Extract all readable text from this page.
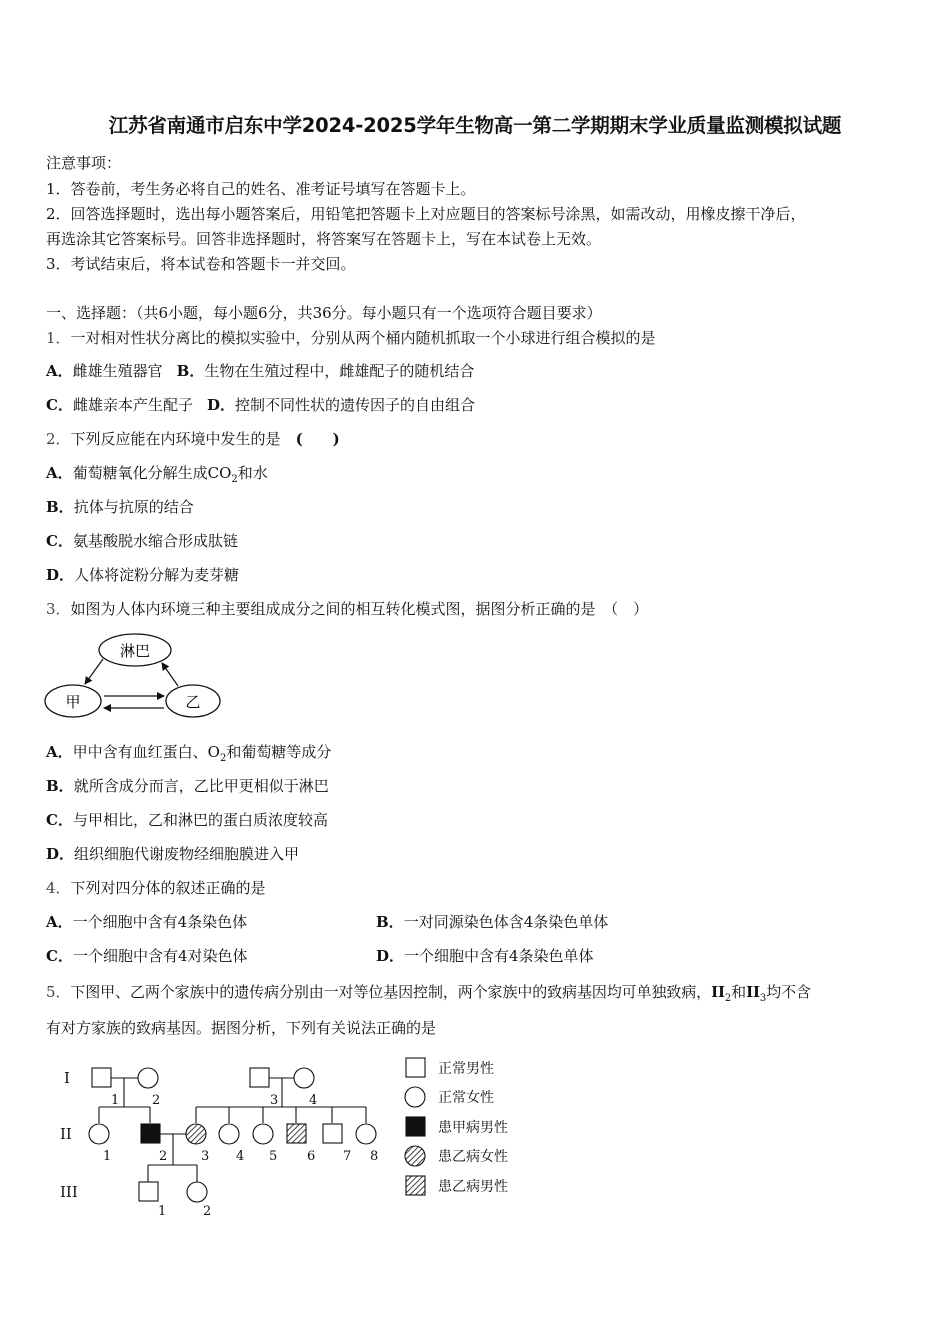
江苏省南通市启东中学2024-2025学年生物高一第二学期期末学业质量监测模拟试题
注意事项：
1．答卷前，考生务必将自己的姓名、准考证号填写在答题卡上。
2．回答选择题时，选出每小题答案后，用铅笔把答题卡上对应题目的答案标号涂黑，如需改动，用橡皮擦干净后，
再选涂其它答案标号。回答非选择题时，将答案写在答题卡上，写在本试卷上无效。
3．考试结束后，将本试卷和答题卡一并交回。
一、选择题：（共6小题，每小题6分，共36分。每小题只有一个选项符合题目要求）
1．一对相对性状分离比的模拟实验中，分别从两个桶内随机抓取一个小球进行组合模拟的是
A．雌雄生殖器官 B．生物在生殖过程中，雌雄配子的随机结合
C．雌雄亲本产生配子 D．控制不同性状的遗传因子的自由组合
2．下列反应能在内环境中发生的是　 (　　)
A．葡萄糖氧化分解生成$CO_2$和水
B．抗体与抗原的结合
C．氨基酸脱水缩合形成肽链
D．人体将淀粉分解为麦芽糖
3．如图为人体内环境三种主要组成成分之间的相互转化模式图，据图分析正确的是　 （　）
淋巴
甲	乙
A．甲中含有血红蛋白、$O_2$和葡萄糖等成分
B．就所含成分而言，乙比甲更相似于淋巴
C．与甲相比，乙和淋巴的蛋白质浓度较高
D．组织细胞代谢废物经细胞膜进入甲
4．下列对四分体的叙述正确的是
A．一个细胞中含有4条染色体	B．一对同源染色体含4条染色单体
C．一个细胞中含有4对染色体	D．一个细胞中含有4条染色单体
5．下图甲、乙两个家族中的遗传病分别由一对等位基因控制，两个家族中的致病基因均可单独致病，$II_2$和$II_3$均不含
有对方家族的致病基因。据图分析，下列有关说法正确的是
I
II
III
1	2	3 4
1	2	3 4 5 6 7 8
1	2
正常男性
正常女性
患甲病男性
患乙病女性
患乙病男性
